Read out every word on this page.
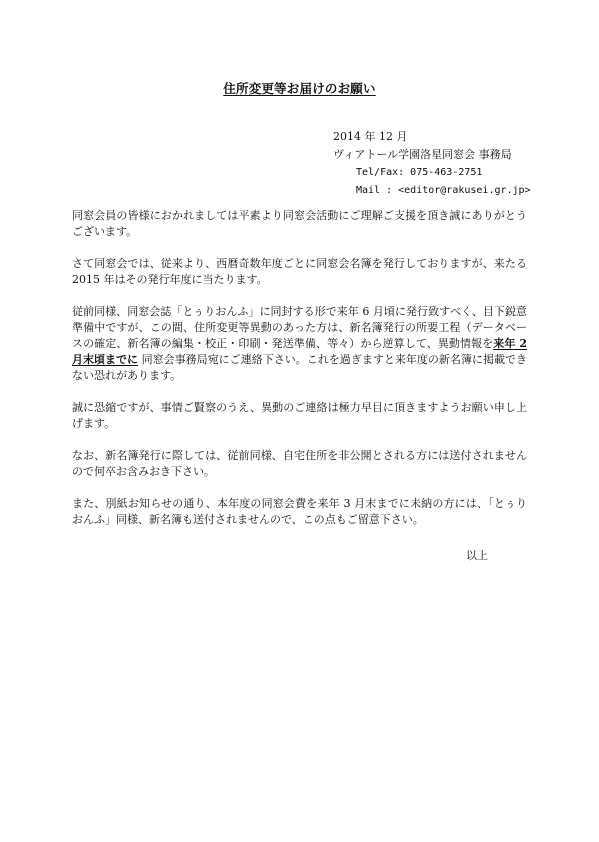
住所変更等お届けのお願い
2014 年 12 月
ヴィアトール学園洛星同窓会 事務局
Tel/Fax: 075-463-2751
Mail : <editor@rakusei.gr.jp>

同窓会員の皆様におかれましては平素より同窓会活動にご理解ご支援を頂き誠にありがとうございます。

さて同窓会では、従来より、西暦奇数年度ごとに同窓会名簿を発行しておりますが、来たる 2015 年はその発行年度に当たります。

従前同様、同窓会誌「とぅりおんふ」に同封する形で来年 6 月頃に発行致すべく、目下鋭意準備中ですが、この間、住所変更等異動のあった方は、新名簿発行の所要工程（データベースの確定、新名簿の編集・校正・印刷・発送準備、等々）から逆算して、異動情報を来年 2 月末頃までに 同窓会事務局宛にご連絡下さい。これを過ぎますと来年度の新名簿に掲載できない恐れがあります。

誠に恐縮ですが、事情ご賢察のうえ、異動のご連絡は極力早目に頂きますようお願い申し上げます。

なお、新名簿発行に際しては、従前同様、自宅住所を非公開とされる方には送付されませんので何卒お含みおき下さい。

また、別紙お知らせの通り、本年度の同窓会費を来年 3 月末までに未納の方には、「とぅりおんふ」同様、新名簿も送付されませんので、この点もご留意下さい。

以上
